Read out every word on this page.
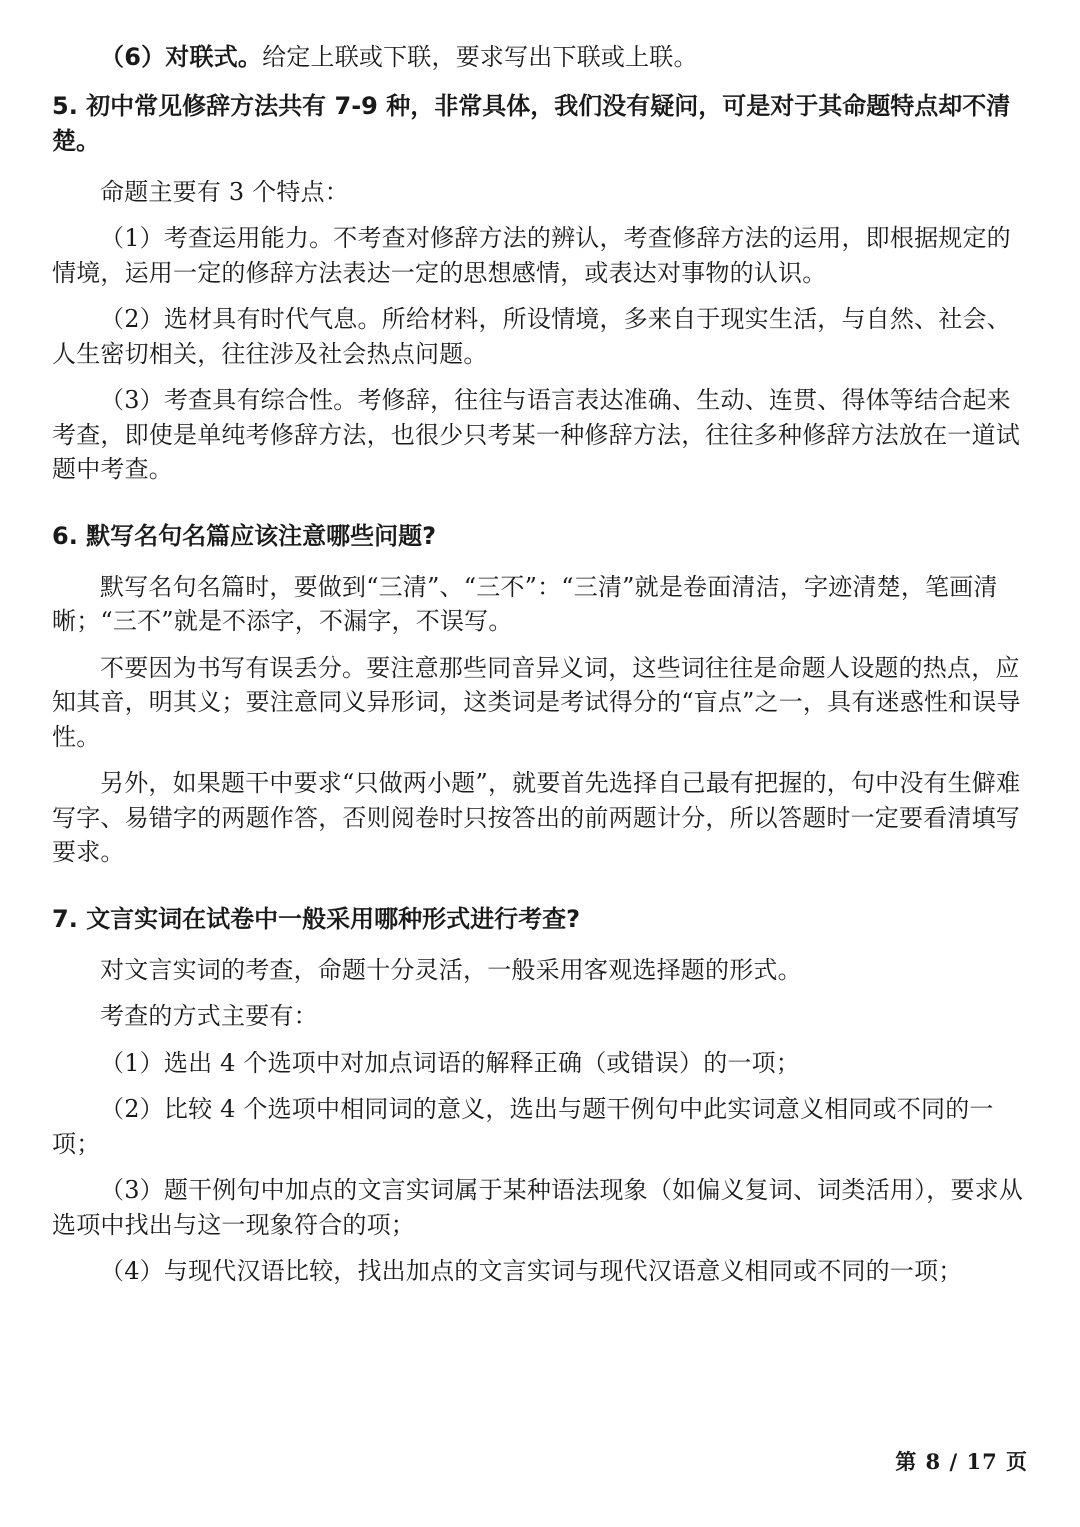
（6）对联式。给定上联或下联，要求写出下联或上联。

5. 初中常见修辞方法共有 7-9 种，非常具体，我们没有疑问，可是对于其命题特点却不清楚。

命题主要有 3 个特点：

（1）考查运用能力。不考查对修辞方法的辨认，考查修辞方法的运用，即根据规定的情境，运用一定的修辞方法表达一定的思想感情，或表达对事物的认识。

（2）选材具有时代气息。所给材料，所设情境，多来自于现实生活，与自然、社会、人生密切相关，往往涉及社会热点问题。

（3）考查具有综合性。考修辞，往往与语言表达准确、生动、连贯、得体等结合起来考查，即使是单纯考修辞方法，也很少只考某一种修辞方法，往往多种修辞方法放在一道试题中考查。

6. 默写名句名篇应该注意哪些问题?

默写名句名篇时，要做到“三清”、“三不”：“三清”就是卷面清洁，字迹清楚，笔画清晰；“三不”就是不添字，不漏字，不误写。

不要因为书写有误丢分。要注意那些同音异义词，这些词往往是命题人设题的热点，应知其音，明其义；要注意同义异形词，这类词是考试得分的“盲点”之一，具有迷惑性和误导性。

另外，如果题干中要求“只做两小题”，就要首先选择自己最有把握的，句中没有生僻难写字、易错字的两题作答，否则阅卷时只按答出的前两题计分，所以答题时一定要看清填写要求。

7. 文言实词在试卷中一般采用哪种形式进行考查?

对文言实词的考查，命题十分灵活，一般采用客观选择题的形式。

考查的方式主要有：

（1）选出 4 个选项中对加点词语的解释正确（或错误）的一项；

（2）比较 4 个选项中相同词的意义，选出与题干例句中此实词意义相同或不同的一项；

（3）题干例句中加点的文言实词属于某种语法现象（如偏义复词、词类活用），要求从选项中找出与这一现象符合的项；

（4）与现代汉语比较，找出加点的文言实词与现代汉语意义相同或不同的一项；

第 8 / 17 页
